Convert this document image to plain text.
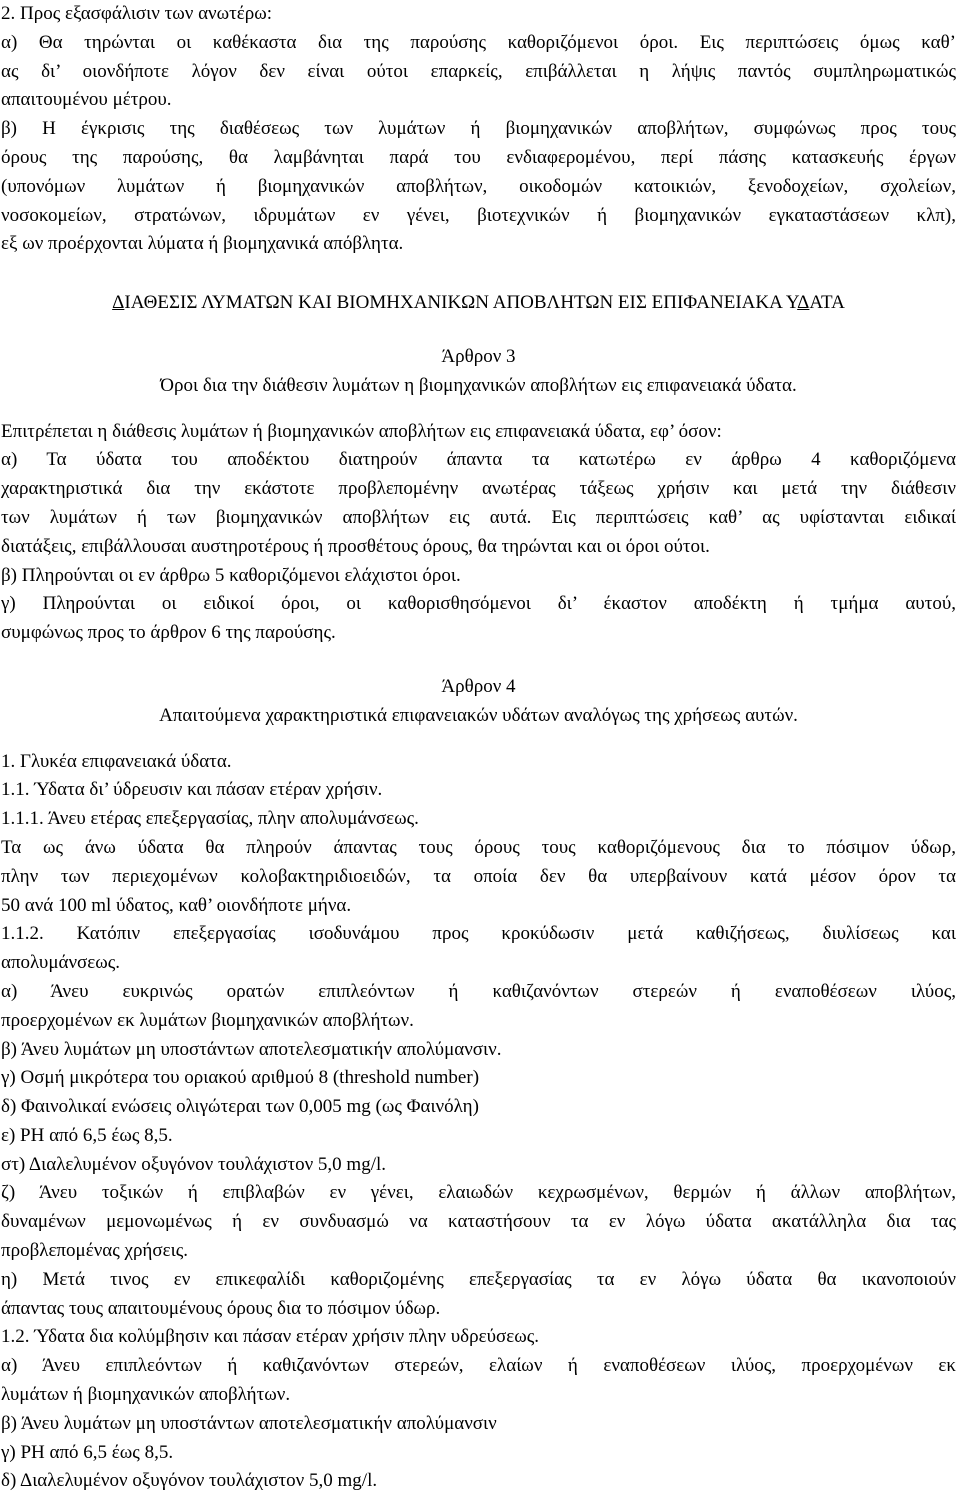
2. Προς εξασφάλισιν των ανωτέρω:
α) Θα τηρώνται οι καθέκαστα δια της παρούσης καθοριζόμενοι όροι. Εις περιπτώσεις όμως καθ’
ας δι’ οιονδήποτε λόγον δεν είναι ούτοι επαρκείς, επιβάλλεται η λήψις παντός συμπληρωματικώς
απαιτουμένου μέτρου.
β) Η έγκρισις της διαθέσεως των λυμάτων ή βιομηχανικών αποβλήτων, συμφώνως προς τους
όρους της παρούσης, θα λαμβάνηται παρά του ενδιαφερομένου, περί πάσης κατασκευής έργων
(υπονόμων λυμάτων ή βιομηχανικών αποβλήτων, οικοδομών κατοικιών, ξενοδοχείων, σχολείων,
νοσοκομείων, στρατώνων, ιδρυμάτων εν γένει, βιοτεχνικών ή βιομηχανικών εγκαταστάσεων κλπ),
εξ ων προέρχονται λύματα ή βιομηχανικά απόβλητα.
ΔΙΑΘΕΣΙΣ ΛΥΜΑΤΩΝ ΚΑΙ ΒΙΟΜΗΧΑΝΙΚΩΝ ΑΠΟΒΛΗΤΩΝ ΕΙΣ ΕΠΙΦΑΝΕΙΑΚΑ ΥΔΑΤΑ
Άρθρον 3
Όροι δια την διάθεσιν λυμάτων η βιομηχανικών αποβλήτων εις επιφανειακά ύδατα.
Επιτρέπεται η διάθεσις λυμάτων ή βιομηχανικών αποβλήτων εις επιφανειακά ύδατα, εφ’ όσον:
α) Τα ύδατα του αποδέκτου διατηρούν άπαντα τα κατωτέρω εν άρθρω 4 καθοριζόμενα
χαρακτηριστικά δια την εκάστοτε προβλεπομένην ανωτέρας τάξεως χρήσιν και μετά την διάθεσιν
των λυμάτων ή των βιομηχανικών αποβλήτων εις αυτά. Εις περιπτώσεις καθ’ ας υφίστανται ειδικαί
διατάξεις, επιβάλλουσαι αυστηροτέρους ή προσθέτους όρους, θα τηρώνται και οι όροι ούτοι.
β) Πληρούνται οι εν άρθρω 5 καθοριζόμενοι ελάχιστοι όροι.
γ) Πληρούνται οι ειδικοί όροι, οι καθορισθησόμενοι δι’ έκαστον αποδέκτη ή τμήμα αυτού,
συμφώνως προς το άρθρον 6 της παρούσης.
Άρθρον 4
Απαιτούμενα χαρακτηριστικά επιφανειακών υδάτων αναλόγως της χρήσεως αυτών.
1. Γλυκέα επιφανειακά ύδατα.
1.1. Ύδατα δι’ ύδρευσιν και πάσαν ετέραν χρήσιν.
1.1.1. Άνευ ετέρας επεξεργασίας, πλην απολυμάνσεως.
Τα ως άνω ύδατα θα πληρούν άπαντας τους όρους τους καθοριζόμενους δια το πόσιμον ύδωρ,
πλην των περιεχομένων κολοβακτηριδιοειδών, τα οποία δεν θα υπερβαίνουν κατά μέσον όρον τα
50 ανά 100 ml ύδατος, καθ’ οιονδήποτε μήνα.
1.1.2. Κατόπιν επεξεργασίας ισοδυνάμου προς κροκύδωσιν μετά καθιζήσεως, διυλίσεως και
απολυμάνσεως.
α) Άνευ ευκρινώς ορατών επιπλεόντων ή καθιζανόντων στερεών ή εναποθέσεων ιλύος,
προερχομένων εκ λυμάτων βιομηχανικών αποβλήτων.
β) Άνευ λυμάτων μη υποστάντων αποτελεσματικήν απολύμανσιν.
γ) Οσμή μικρότερα του οριακού αριθμού 8 (threshold number)
δ) Φαινολικαί ενώσεις ολιγώτεραι των 0,005 mg (ως Φαινόλη)
ε) PH από 6,5 έως 8,5.
στ) Διαλελυμένον οξυγόνον τουλάχιστον 5,0 mg/l.
ζ) Άνευ τοξικών ή επιβλαβών εν γένει, ελαιωδών κεχρωσμένων, θερμών ή άλλων αποβλήτων,
δυναμένων μεμονωμένως ή εν συνδυασμώ να καταστήσουν τα εν λόγω ύδατα ακατάλληλα δια τας
προβλεπομένας χρήσεις.
η) Μετά τινος εν επικεφαλίδι καθοριζομένης επεξεργασίας τα εν λόγω ύδατα θα ικανοποιούν
άπαντας τους απαιτουμένους όρους δια το πόσιμον ύδωρ.
1.2. Ύδατα δια κολύμβησιν και πάσαν ετέραν χρήσιν πλην υδρεύσεως.
α) Άνευ επιπλεόντων ή καθιζανόντων στερεών, ελαίων ή εναποθέσεων ιλύος, προερχομένων εκ
λυμάτων ή βιομηχανικών αποβλήτων.
β) Άνευ λυμάτων μη υποστάντων αποτελεσματικήν απολύμανσιν
γ) PH από 6,5 έως 8,5.
δ) Διαλελυμένον οξυγόνον τουλάχιστον 5,0 mg/l.
